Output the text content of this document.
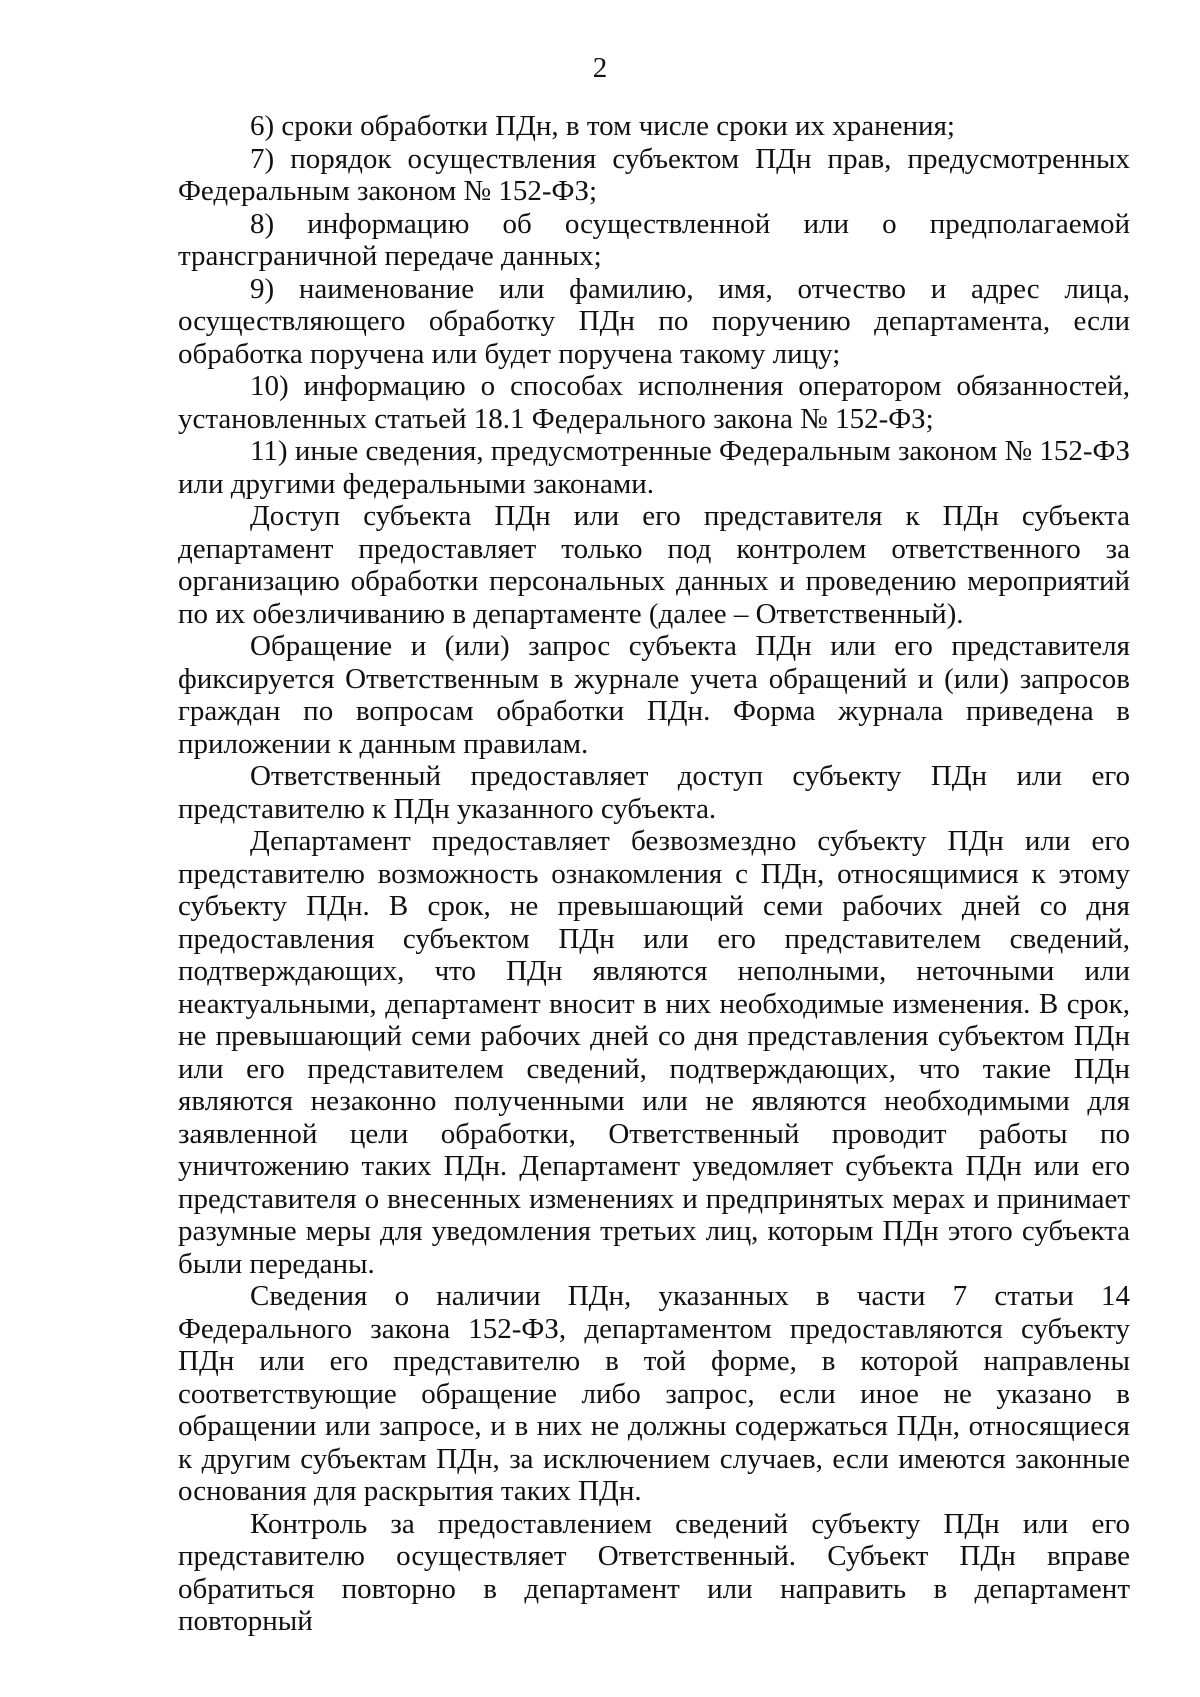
2

6) сроки обработки ПДн, в том числе сроки их хранения;

7) порядок осуществления субъектом ПДн прав, предусмотренных Федеральным законом № 152-ФЗ;

8) информацию об осуществленной или о предполагаемой трансграничной передаче данных;

9) наименование или фамилию, имя, отчество и адрес лица, осуществляющего обработку ПДн по поручению департамента, если обработка поручена или будет поручена такому лицу;

10) информацию о способах исполнения оператором обязанностей, установленных статьей 18.1 Федерального закона № 152-ФЗ;

11) иные сведения, предусмотренные Федеральным законом № 152-ФЗ или другими федеральными законами.

Доступ субъекта ПДн или его представителя к ПДн субъекта департамент предоставляет только под контролем ответственного за организацию обработки персональных данных и проведению мероприятий по их обезличиванию в департаменте (далее – Ответственный).

Обращение и (или) запрос субъекта ПДн или его представителя фиксируется Ответственным в журнале учета обращений и (или) запросов граждан по вопросам обработки ПДн. Форма журнала приведена в приложении к данным правилам.

Ответственный предоставляет доступ субъекту ПДн или его представителю к ПДн указанного субъекта.

Департамент предоставляет безвозмездно субъекту ПДн или его представителю возможность ознакомления с ПДн, относящимися к этому субъекту ПДн. В срок, не превышающий семи рабочих дней со дня предоставления субъектом ПДн или его представителем сведений, подтверждающих, что ПДн являются неполными, неточными или неактуальными, департамент вносит в них необходимые изменения. В срок, не превышающий семи рабочих дней со дня представления субъектом ПДн или его представителем сведений, подтверждающих, что такие ПДн являются незаконно полученными или не являются необходимыми для заявленной цели обработки, Ответственный проводит работы по уничтожению таких ПДн. Департамент уведомляет субъекта ПДн или его представителя о внесенных изменениях и предпринятых мерах и принимает разумные меры для уведомления третьих лиц, которым ПДн этого субъекта были переданы.

Сведения о наличии ПДн, указанных в части 7 статьи 14 Федерального закона 152-ФЗ, департаментом предоставляются субъекту ПДн или его представителю в той форме, в которой направлены соответствующие обращение либо запрос, если иное не указано в обращении или запросе, и в них не должны содержаться ПДн, относящиеся к другим субъектам ПДн, за исключением случаев, если имеются законные основания для раскрытия таких ПДн.

Контроль за предоставлением сведений субъекту ПДн или его представителю осуществляет Ответственный. Субъект ПДн вправе обратиться повторно в департамент или направить в департамент повторный
